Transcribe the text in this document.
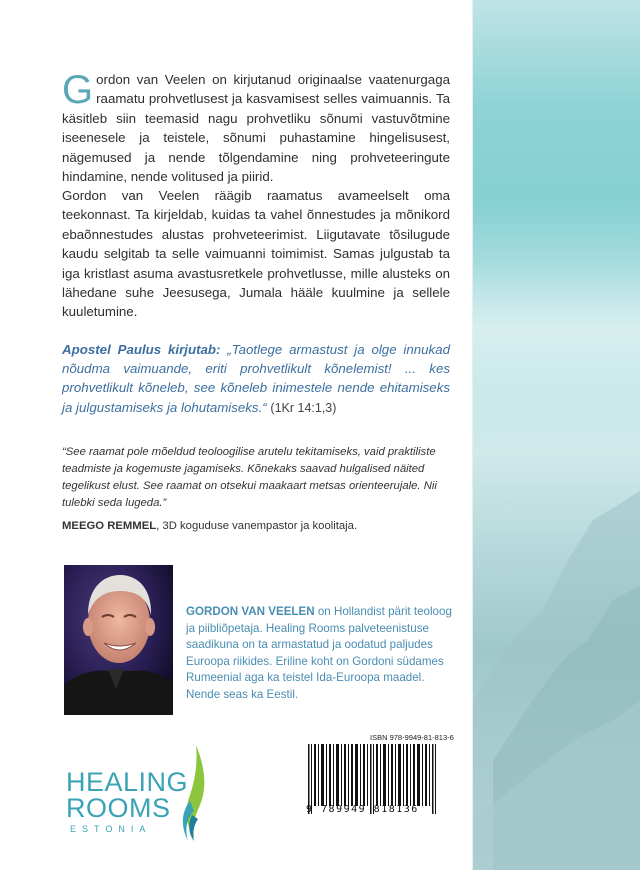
Gordon van Veelen on kirjutanud originaalse vaatenurgaga raamatu prohvetlusest ja kasvamisest selles vaimuannis. Ta käsitleb siin teemasid nagu prohvetliku sõnumi vastuvõtmine iseenesele ja teistele, sõnumi puhastamine hingelisusest, nägemused ja nende tõlgendamine ning prohveteeringute hindamine, nende volitused ja piirid.

Gordon van Veelen räägib raamatus avameelselt oma teekonnast. Ta kirjeldab, kuidas ta vahel õnnestudes ja mõnikord ebaõnnestudes alustas prohveteerimist. Liigutavate tõsilugude kaudu selgitab ta selle vaimuanni toimimist. Samas julgustab ta iga kristlast asuma avastusretkele prohvetlusse, mille alusteks on lähedane suhe Jeesusega, Jumala hääle kuulmine ja sellele kuuletumine.

Apostel Paulus kirjutab: „Taotlege armastust ja olge innukad nõudma vaimuande, eriti prohvetlikult kõnelemist! ... kes prohvetlikult kõneleb, see kõneleb inimestele nende ehitamiseks ja julgustamiseks ja lohutamiseks.“ (1Kr 14:1,3)

“See raamat pole mõeldud teoloogilise arutelu tekitamiseks, vaid praktiliste teadmiste ja kogemuste jagamiseks. Kõnekaks saavad hulgalised näited tegelikust elust. See raamat on otsekui maakaart metsas orienteerujale. Nii tulebki seda lugeda.”

MEEGO REMMEL, 3D koguduse vanempastor ja koolitaja.

GORDON VAN VEELEN on Hollandist pärit teoloog ja piibliõpetaja. Healing Rooms palveteenistuse saadikuna on ta armastatud ja oodatud paljudes Euroopa riikides. Eriline koht on Gordoni südames Rumeenial aga ka teistel Ida-Euroopa maadel. Nende seas ka Eestil.

ISBN 978-9949-81-813-6
9 789949 818136
HEALING
ROOMS
ESTONIA
